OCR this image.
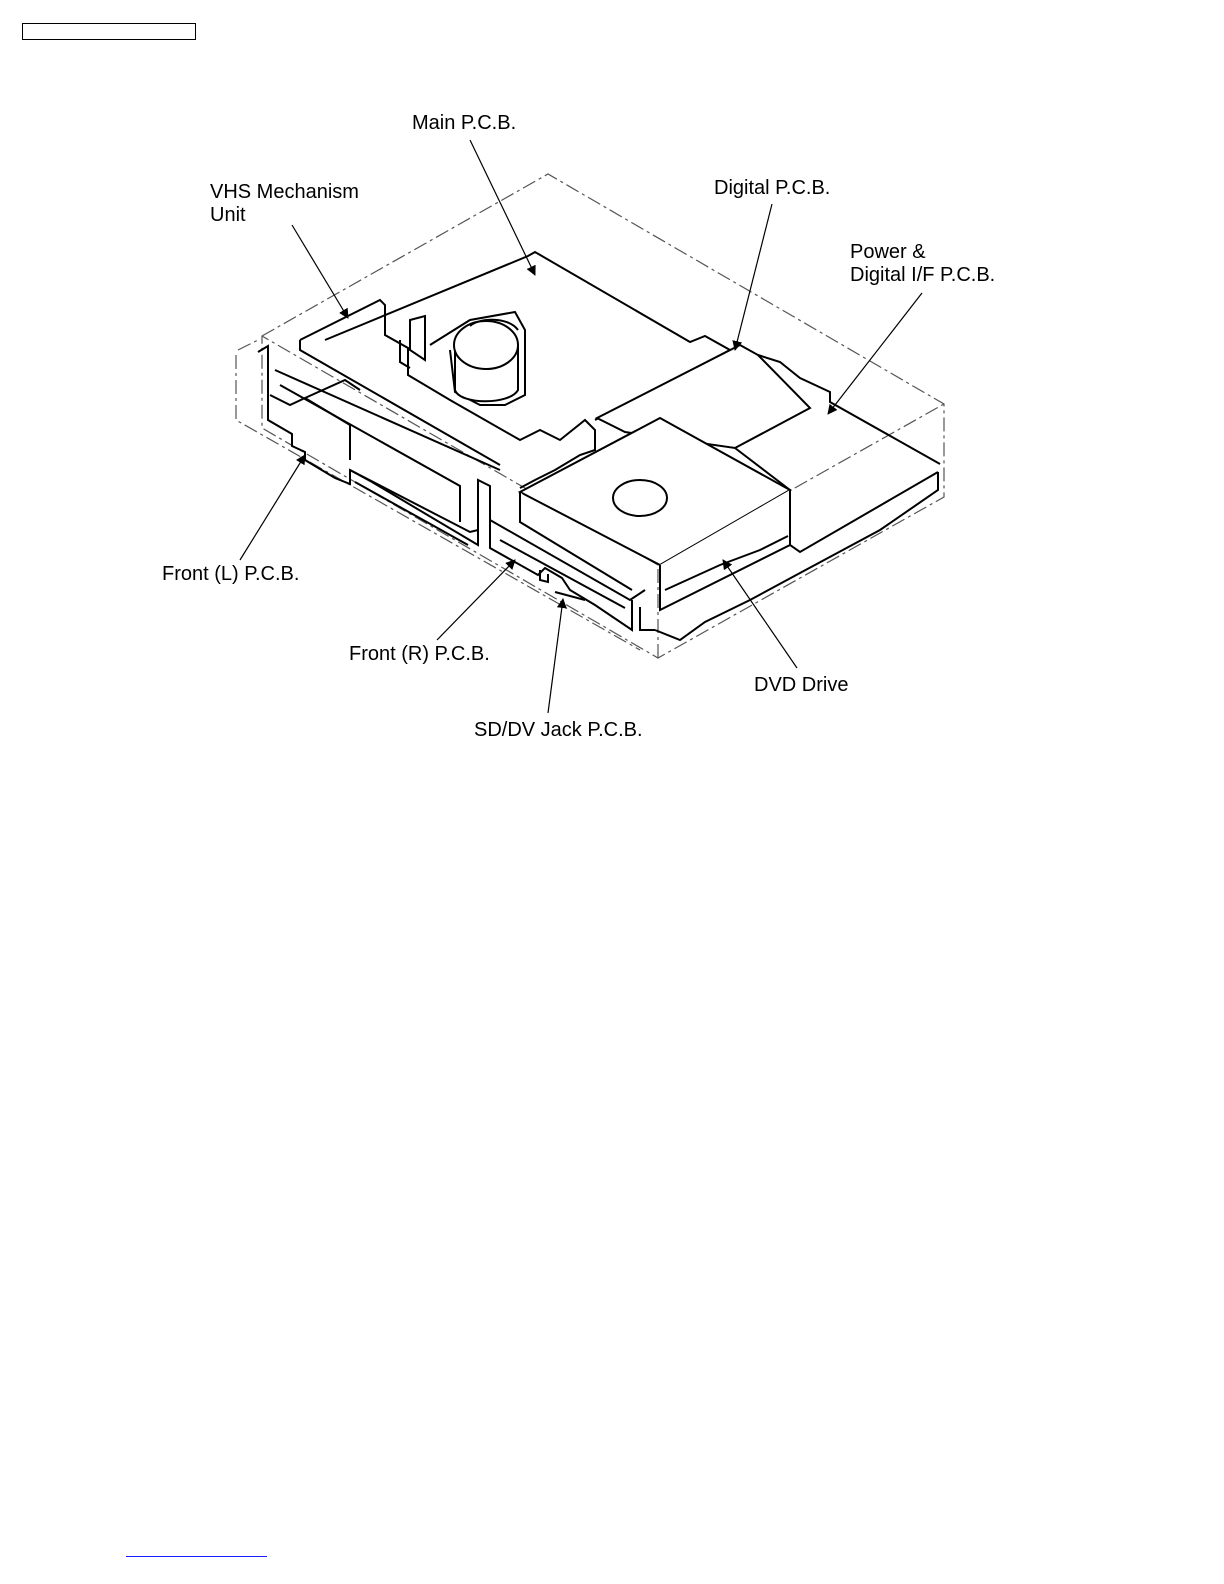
Main P.C.B.
VHS Mechanism
Unit
Digital P.C.B.
Power &
Digital I/F P.C.B.
Front (L) P.C.B.
Front (R) P.C.B.
DVD Drive
SD/DV Jack P.C.B.
